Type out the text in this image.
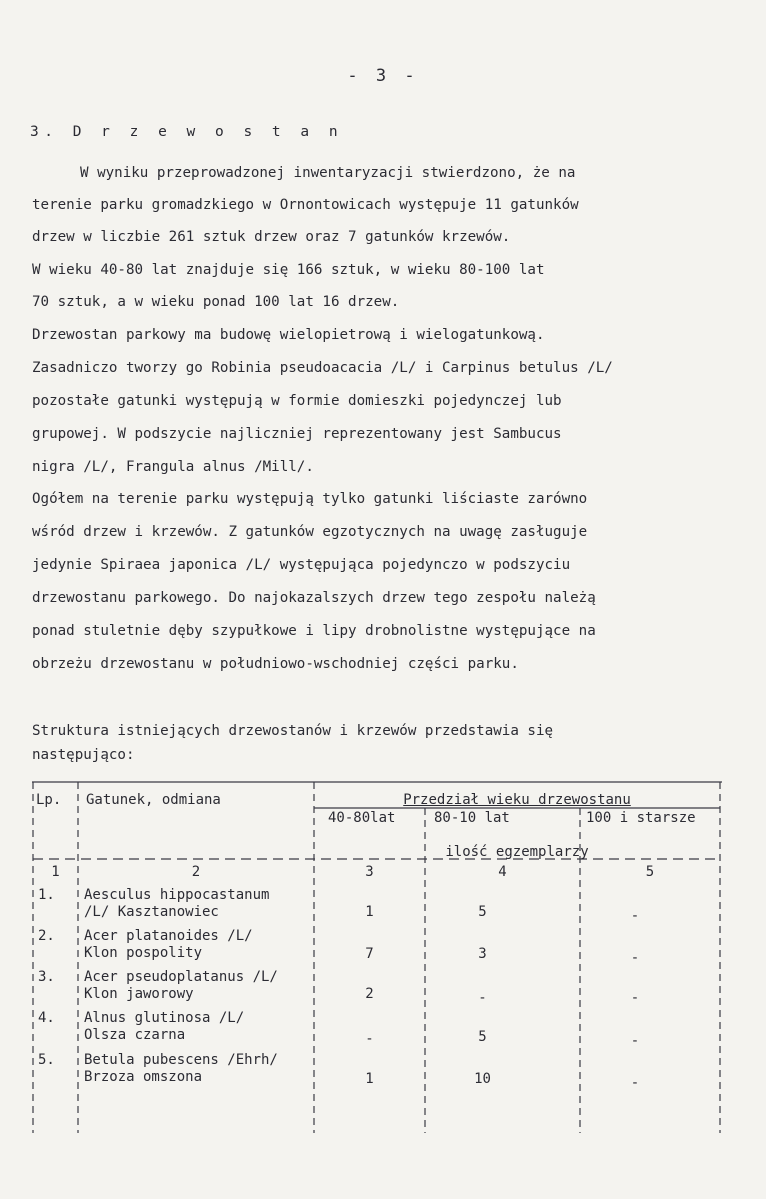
- 3 -
3. D r z e w o s t a n
W wyniku przeprowadzonej inwentaryzacji stwierdzono, że na
terenie parku gromadzkiego w Ornontowicach występuje 11 gatunków
drzew w liczbie 261 sztuk drzew oraz 7 gatunków krzewów.
W wieku 40-80 lat znajduje się 166 sztuk, w wieku 80-100 lat
70 sztuk, a w wieku ponad 100 lat 16 drzew.
Drzewostan parkowy ma budowę wielopietrową i wielogatunkową.
Zasadniczo tworzy go Robinia pseudoacacia /L/ i Carpinus betulus /L/
pozostałe gatunki występują w formie domieszki pojedynczej lub
grupowej. W podszycie najliczniej reprezentowany jest Sambucus
nigra /L/, Frangula alnus /Mill/.
Ogółem na terenie parku występują tylko gatunki liściaste zarówno
wśród drzew i krzewów. Z gatunków egzotycznych na uwagę zasługuje
jedynie Spiraea japonica /L/ występująca pojedynczo w podszyciu
drzewostanu parkowego. Do najokazalszych drzew tego zespołu należą
ponad stuletnie dęby szypułkowe i lipy drobnolistne występujące na
obrzeżu drzewostanu w południowo-wschodniej części parku.
Struktura istniejących drzewostanów i krzewów przedstawia się
następująco:
Lp. Gatunek, odmiana	Przedział wieku drzewostanu
40-80lat	80-10 lat	100 i starsze
ilość egzemplarzy
1	2	3	4	5
1. Aesculus hippocastanum
/L/ Kasztanowiec	1	5	-
2. Acer platanoides /L/
Klon pospolity	7	3	-
3. Acer pseudoplatanus /L/
Klon jaworowy	2	-	-
4. Alnus glutinosa /L/
Olsza czarna	-	5	-
5. Betula pubescens /Ehrh/
Brzoza omszona	1	10	-
